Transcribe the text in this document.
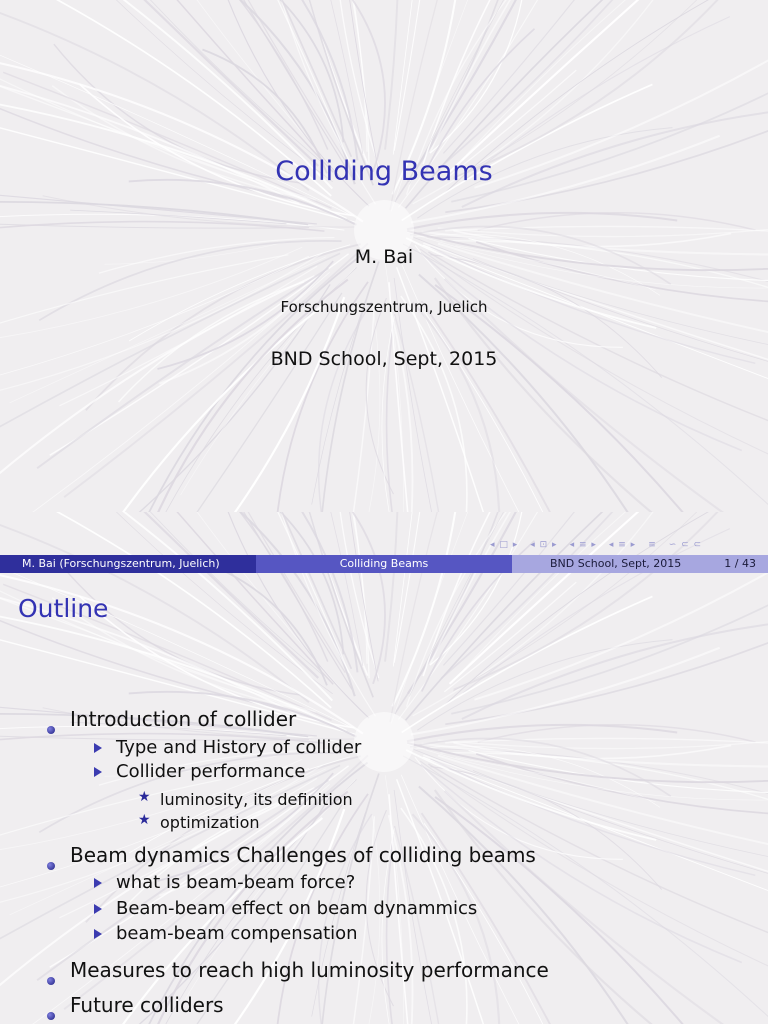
Colliding Beams
M. Bai
Forschungszentrum, Juelich
BND School, Sept, 2015
◂ □ ▸ ◂ ⊡ ▸ ◂ ≡ ▸ ◂ ≡ ▸ ≡ ∽ ⊂ ⊂
M. Bai (Forschungszentrum, Juelich)	Colliding Beams	BND School, Sept, 2015	1 / 43
Outline
Introduction of collider
Type and History of collider
Collider performance
★ luminosity, its definition
★ optimization
Beam dynamics Challenges of colliding beams
what is beam-beam force?
Beam-beam effect on beam dynammics
beam-beam compensation
Measures to reach high luminosity performance
Future colliders
